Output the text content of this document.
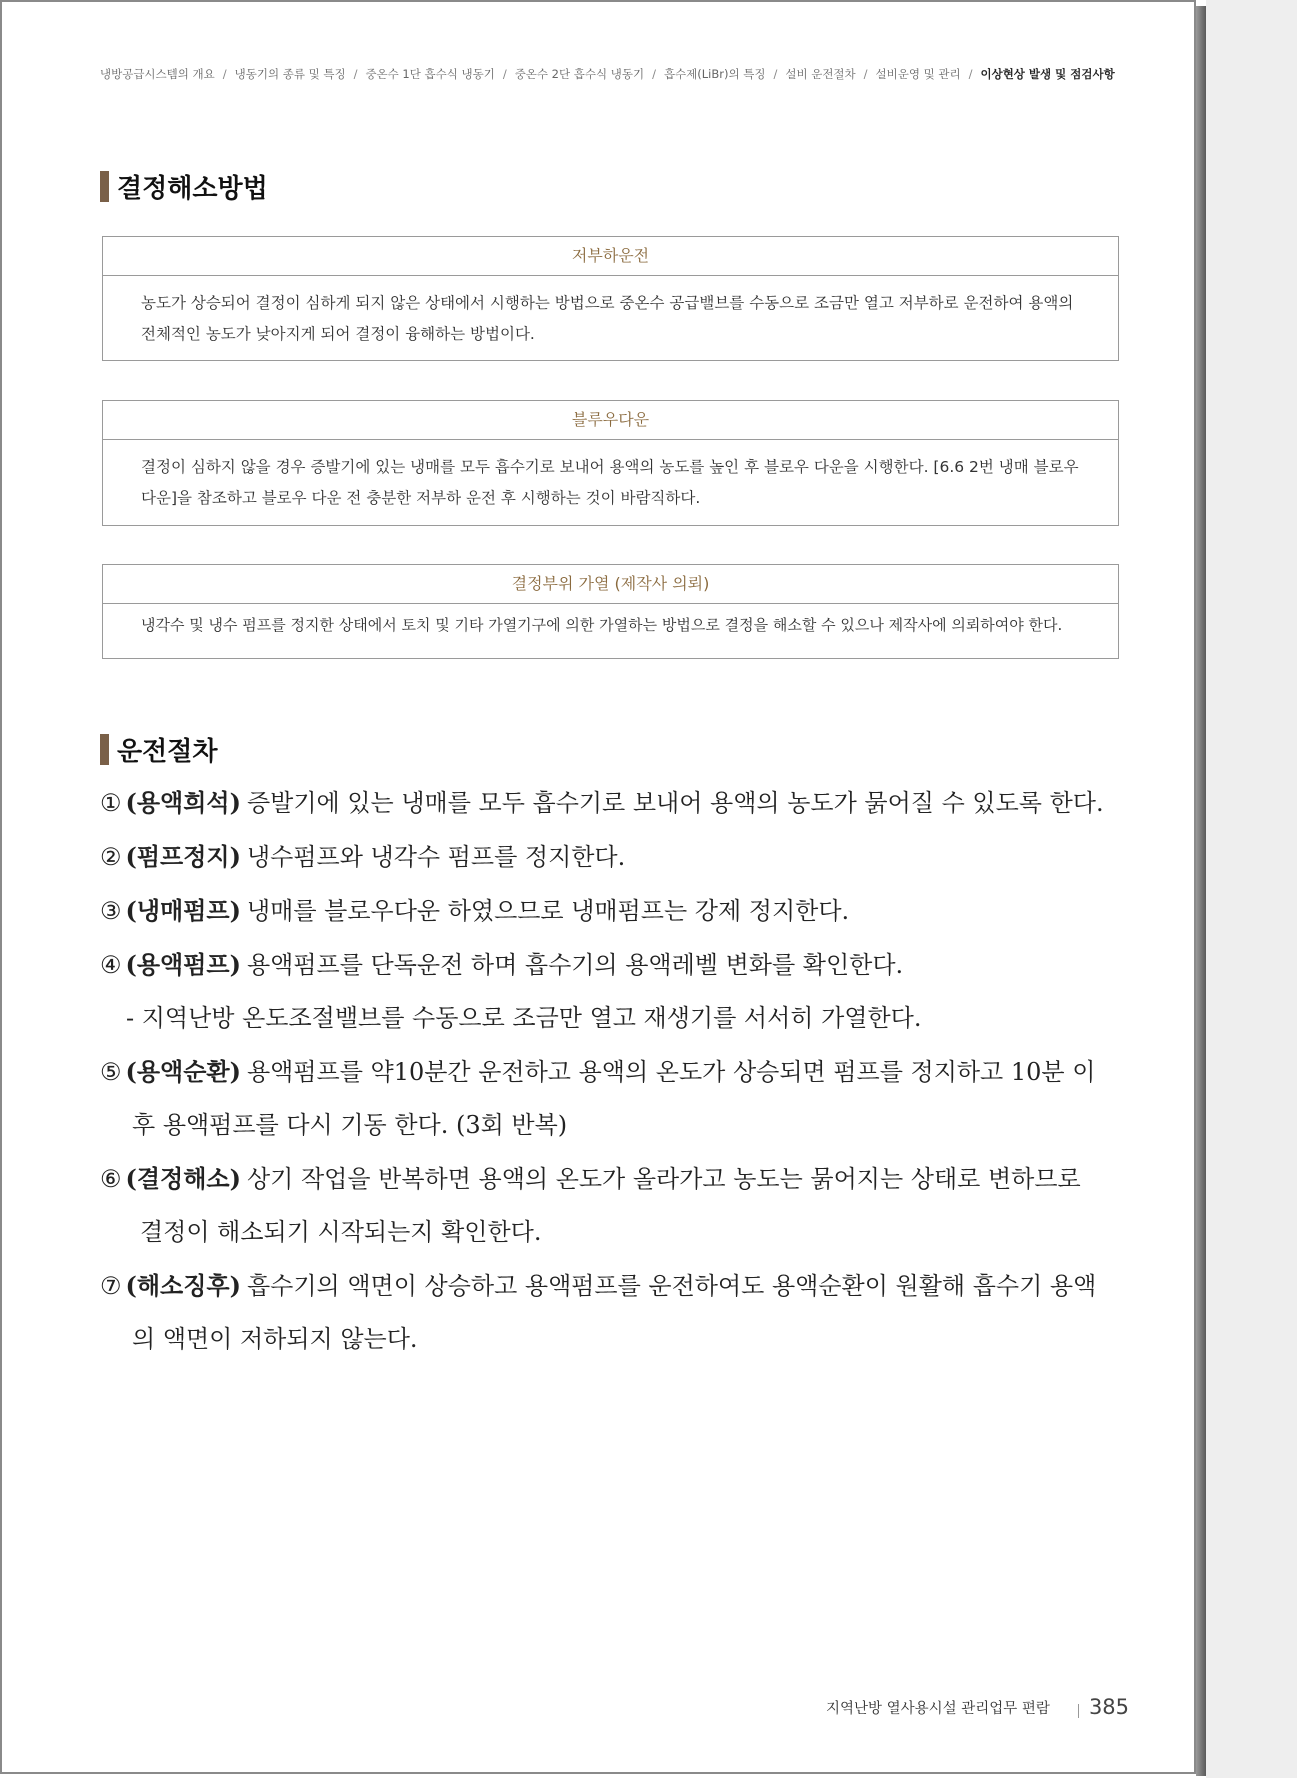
냉방공급시스템의 개요 / 냉동기의 종류 및 특징 / 중온수 1단 흡수식 냉동기 / 중온수 2단 흡수식 냉동기 / 흡수제(LiBr)의 특징 / 설비 운전절차 / 설비운영 및 관리 / 이상현상 발생 및 점검사항
결정해소방법
저부하운전
농도가 상승되어 결정이 심하게 되지 않은 상태에서 시행하는 방법으로 중온수 공급밸브를 수동으로 조금만 열고 저부하로 운전하여 용액의
전체적인 농도가 낮아지게 되어 결정이 융해하는 방법이다.
블루우다운
결정이 심하지 않을 경우 증발기에 있는 냉매를 모두 흡수기로 보내어 용액의 농도를 높인 후 블로우 다운을 시행한다. [6.6 2번 냉매 블로우
다운]을 참조하고 블로우 다운 전 충분한 저부하 운전 후 시행하는 것이 바람직하다.
결정부위 가열 (제작사 의뢰)
냉각수 및 냉수 펌프를 정지한 상태에서 토치 및 기타 가열기구에 의한 가열하는 방법으로 결정을 해소할 수 있으나 제작사에 의뢰하여야 한다.
운전절차
① (용액희석) 증발기에 있는 냉매를 모두 흡수기로 보내어 용액의 농도가 묽어질 수 있도록 한다.
② (펌프정지) 냉수펌프와 냉각수 펌프를 정지한다.
③ (냉매펌프) 냉매를 블로우다운 하였으므로 냉매펌프는 강제 정지한다.
④ (용액펌프) 용액펌프를 단독운전 하며 흡수기의 용액레벨 변화를 확인한다.
- 지역난방 온도조절밸브를 수동으로 조금만 열고 재생기를 서서히 가열한다.
⑤ (용액순환) 용액펌프를 약10분간 운전하고 용액의 온도가 상승되면 펌프를 정지하고 10분 이
후 용액펌프를 다시 기동 한다. (3회 반복)
⑥ (결정해소) 상기 작업을 반복하면 용액의 온도가 올라가고 농도는 묽어지는 상태로 변하므로
결정이 해소되기 시작되는지 확인한다.
⑦ (해소징후) 흡수기의 액면이 상승하고 용액펌프를 운전하여도 용액순환이 원활해 흡수기 용액
의 액면이 저하되지 않는다.
지역난방 열사용시설 관리업무 편람 385
